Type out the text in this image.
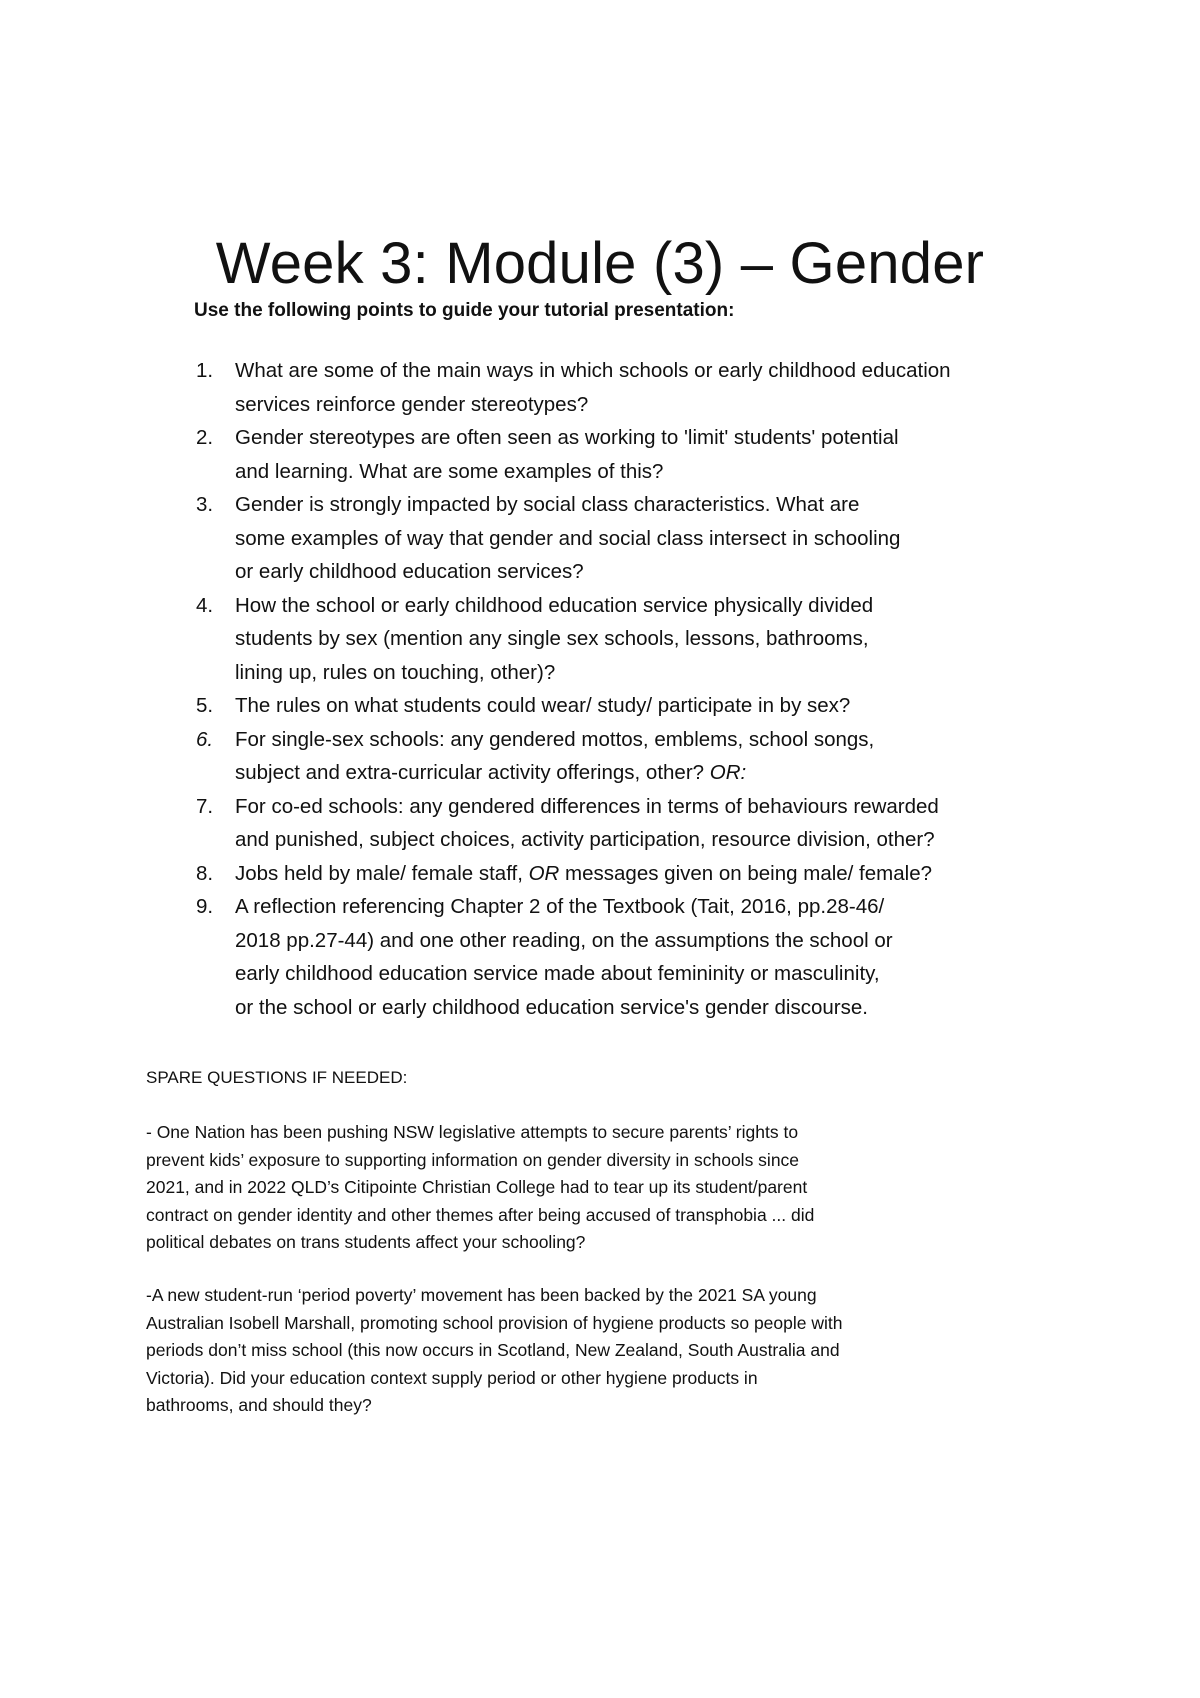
Week 3: Module (3) – Gender
Use the following points to guide your tutorial presentation:
1.	What are some of the main ways in which schools or early childhood education
services reinforce gender stereotypes?
2.	Gender stereotypes are often seen as working to 'limit' students' potential
and learning. What are some examples of this?
3.	Gender is strongly impacted by social class characteristics. What are
some examples of way that gender and social class intersect in schooling
or early childhood education services?
4.	How the school or early childhood education service physically divided
students by sex (mention any single sex schools, lessons, bathrooms,
lining up, rules on touching, other)?
5.	The rules on what students could wear/ study/ participate in by sex?
6.	For single-sex schools: any gendered mottos, emblems, school songs,
subject and extra-curricular activity offerings, other? OR:
7.	For co-ed schools: any gendered differences in terms of behaviours rewarded
and punished, subject choices, activity participation, resource division, other?
8.	Jobs held by male/ female staff, OR messages given on being male/ female?
9.	A reflection referencing Chapter 2 of the Textbook (Tait, 2016, pp.28-46/
2018 pp.27-44) and one other reading, on the assumptions the school or
early childhood education service made about femininity or masculinity,
or the school or early childhood education service's gender discourse.
SPARE QUESTIONS IF NEEDED:

- One Nation has been pushing NSW legislative attempts to secure parents’ rights to
prevent kids’ exposure to supporting information on gender diversity in schools since
2021, and in 2022 QLD’s Citipointe Christian College had to tear up its student/parent
contract on gender identity and other themes after being accused of transphobia ... did
political debates on trans students affect your schooling?

-A new student-run ‘period poverty’ movement has been backed by the 2021 SA young
Australian Isobell Marshall, promoting school provision of hygiene products so people with
periods don’t miss school (this now occurs in Scotland, New Zealand, South Australia and
Victoria). Did your education context supply period or other hygiene products in
bathrooms, and should they?
